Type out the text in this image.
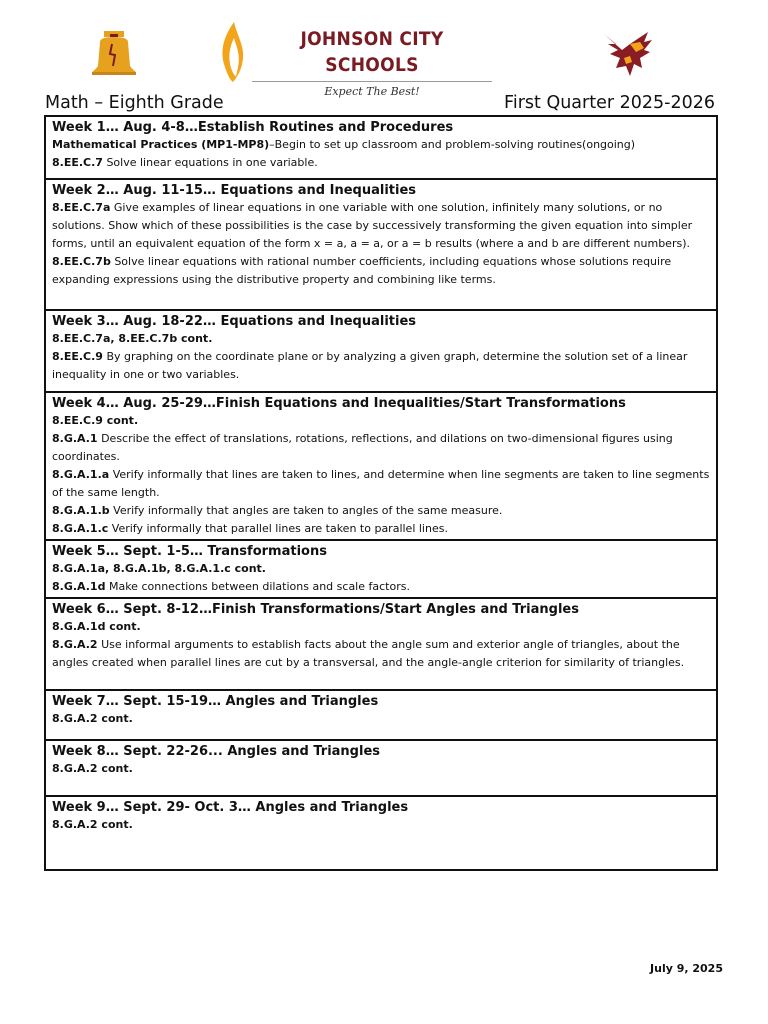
JOHNSON CITY SCHOOLS
Expect The Best!
Math – Eighth Grade	First Quarter 2025-2026
Week 1… Aug. 4-8…Establish Routines and Procedures
Mathematical Practices (MP1-MP8)–Begin to set up classroom and problem-solving routines(ongoing)
8.EE.C.7 Solve linear equations in one variable.
Week 2… Aug. 11-15… Equations and Inequalities
8.EE.C.7a Give examples of linear equations in one variable with one solution, infinitely many solutions, or no solutions. Show which of these possibilities is the case by successively transforming the given equation into simpler forms, until an equivalent equation of the form x = a, a = a, or a = b results (where a and b are different numbers).
8.EE.C.7b Solve linear equations with rational number coefficients, including equations whose solutions require expanding expressions using the distributive property and combining like terms.
Week 3… Aug. 18-22… Equations and Inequalities
8.EE.C.7a, 8.EE.C.7b cont.
8.EE.C.9 By graphing on the coordinate plane or by analyzing a given graph, determine the solution set of a linear inequality in one or two variables.
Week 4… Aug. 25-29…Finish Equations and Inequalities/Start Transformations
8.EE.C.9 cont.
8.G.A.1 Describe the effect of translations, rotations, reflections, and dilations on two-dimensional figures using coordinates.
8.G.A.1.a Verify informally that lines are taken to lines, and determine when line segments are taken to line segments of the same length.
8.G.A.1.b Verify informally that angles are taken to angles of the same measure.
8.G.A.1.c Verify informally that parallel lines are taken to parallel lines.
Week 5… Sept. 1-5… Transformations
8.G.A.1a, 8.G.A.1b, 8.G.A.1.c cont.
8.G.A.1d Make connections between dilations and scale factors.
Week 6… Sept. 8-12…Finish Transformations/Start Angles and Triangles
8.G.A.1d cont.
8.G.A.2 Use informal arguments to establish facts about the angle sum and exterior angle of triangles, about the angles created when parallel lines are cut by a transversal, and the angle-angle criterion for similarity of triangles.
Week 7… Sept. 15-19… Angles and Triangles
8.G.A.2 cont.
Week 8… Sept. 22-26... Angles and Triangles
8.G.A.2 cont.
Week 9… Sept. 29- Oct. 3… Angles and Triangles
8.G.A.2 cont.
July 9, 2025
